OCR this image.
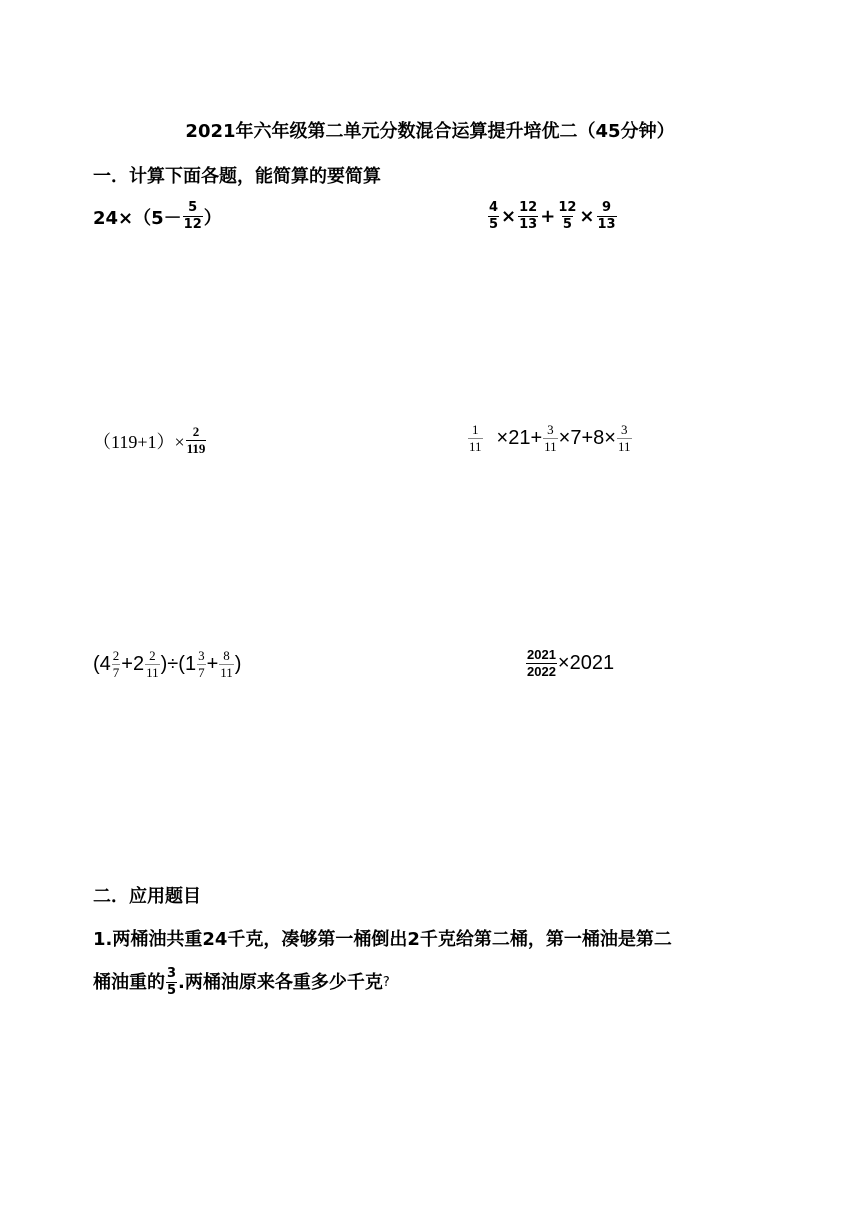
2021年六年级第二单元分数混合运算提升培优二（45分钟）
一．计算下面各题，能简算的要简算
$24\times(5- \frac{5}{12}$ ）	$\frac{4}{5} \times \frac{12}{13} + \frac{12}{5} \times \frac{9}{13}$
$(119+1)\times \frac{2}{119}$	$\frac{1}{11} \times 21+ \frac{3}{11} \times 7+8\times \frac{3}{11}$
$(4 \frac{2}{7} +2 \frac{2}{11} )\div(1 \frac{3}{7} + \frac{8}{11}$ )	$\frac{2021}{2022} \times 2021$
二．应用题目
1.两桶油共重24千克，凑够第一桶倒出2千克给第二桶，第一桶油是第二
桶油重的 $\frac{3}{5}$ .两桶油原来各重多少千克 ?
